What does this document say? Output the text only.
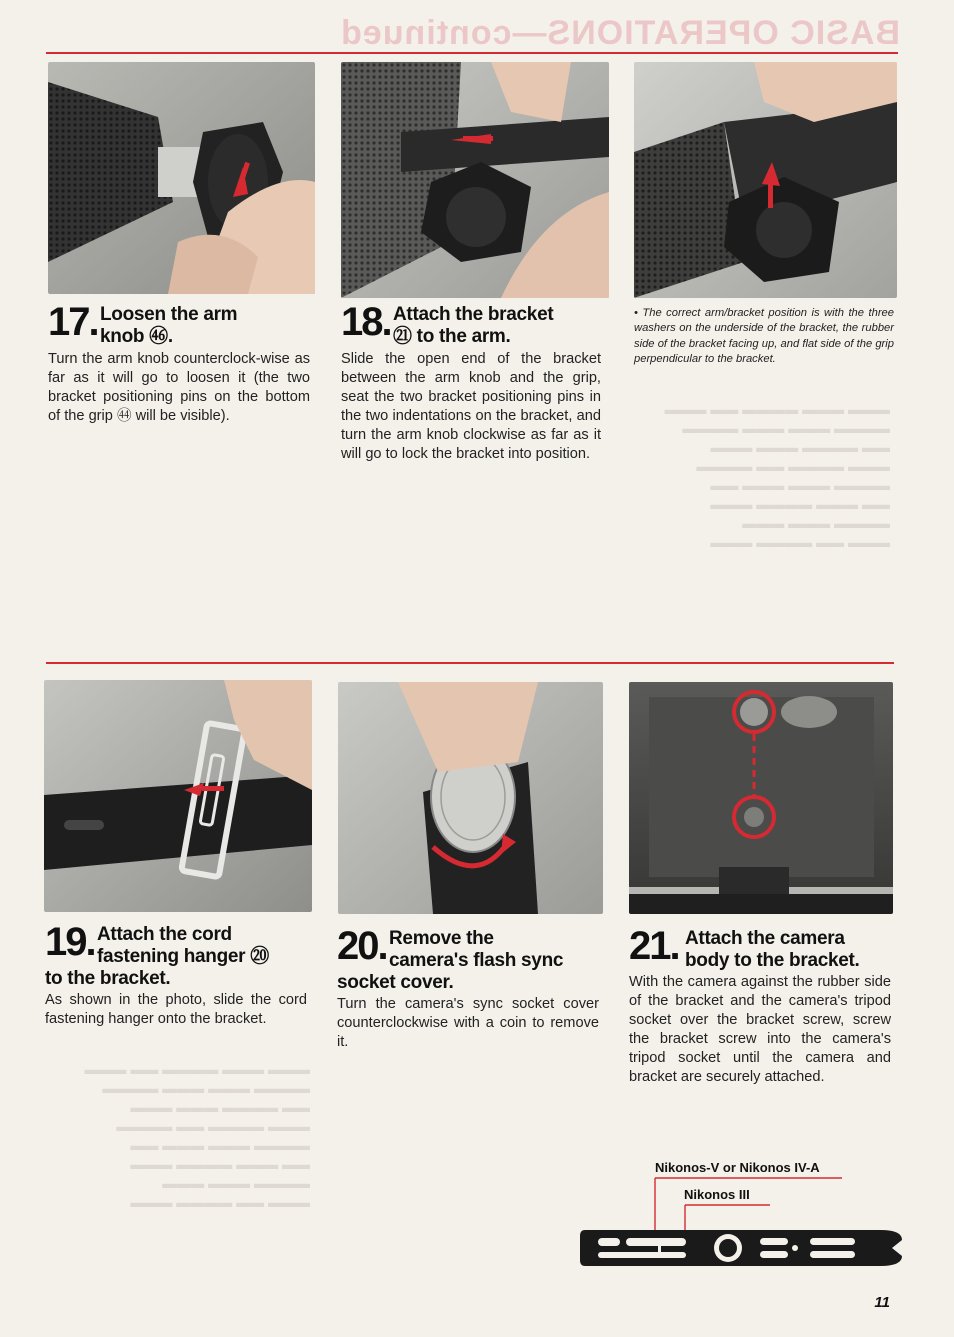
BASIC OPERATIONS—continued
▬▬▬ ▬▬▬ ▬▬▬▬ ▬▬ ▬▬▬
▬▬▬▬ ▬▬▬ ▬▬▬ ▬▬▬▬
▬▬ ▬▬▬▬ ▬▬▬ ▬▬▬
▬▬▬ ▬▬▬▬ ▬▬ ▬▬▬▬
▬▬▬▬ ▬▬▬ ▬▬▬ ▬▬
▬▬ ▬▬▬ ▬▬▬▬ ▬▬▬
▬▬▬▬ ▬▬▬ ▬▬▬
▬▬▬ ▬▬ ▬▬▬▬ ▬▬▬
▬▬▬ ▬▬▬ ▬▬▬▬ ▬▬ ▬▬▬
▬▬▬▬ ▬▬▬ ▬▬▬ ▬▬▬▬
▬▬ ▬▬▬▬ ▬▬▬ ▬▬▬
▬▬▬ ▬▬▬▬ ▬▬ ▬▬▬▬
▬▬▬▬ ▬▬▬ ▬▬▬ ▬▬
▬▬ ▬▬▬ ▬▬▬▬ ▬▬▬
▬▬▬▬ ▬▬▬ ▬▬▬
▬▬▬ ▬▬ ▬▬▬▬ ▬▬▬
17. Loosen the arm
knob ㊻.

Turn the arm knob counterclock-wise as far as it will go to loosen it (the two bracket positioning pins on the bottom of the grip ㊹ will be visible).

18. Attach the bracket
㉑ to the arm.

Slide the open end of the bracket between the arm knob and the grip, seat the two bracket positioning pins in the two indentations on the bracket, and turn the arm knob clockwise as far as it will go to lock the bracket into position.

• The correct arm/bracket position is with the three washers on the underside of the bracket, the rubber side of the bracket facing up, and flat side of the grip perpendicular to the bracket.
19. Attach the cord
fastening hanger ⑳
to the bracket.

As shown in the photo, slide the cord fastening hanger onto the bracket.

20. Remove the
camera's flash sync
socket cover.

Turn the camera's sync socket cover counterclockwise with a coin to remove it.

21. Attach the camera
body to the bracket.

With the camera against the rubber side of the bracket and the camera's tripod socket over the bracket screw, screw the bracket screw into the camera's tripod socket until the camera and bracket are securely attached.

Nikonos-V or Nikonos IV-A
Nikonos III
11
